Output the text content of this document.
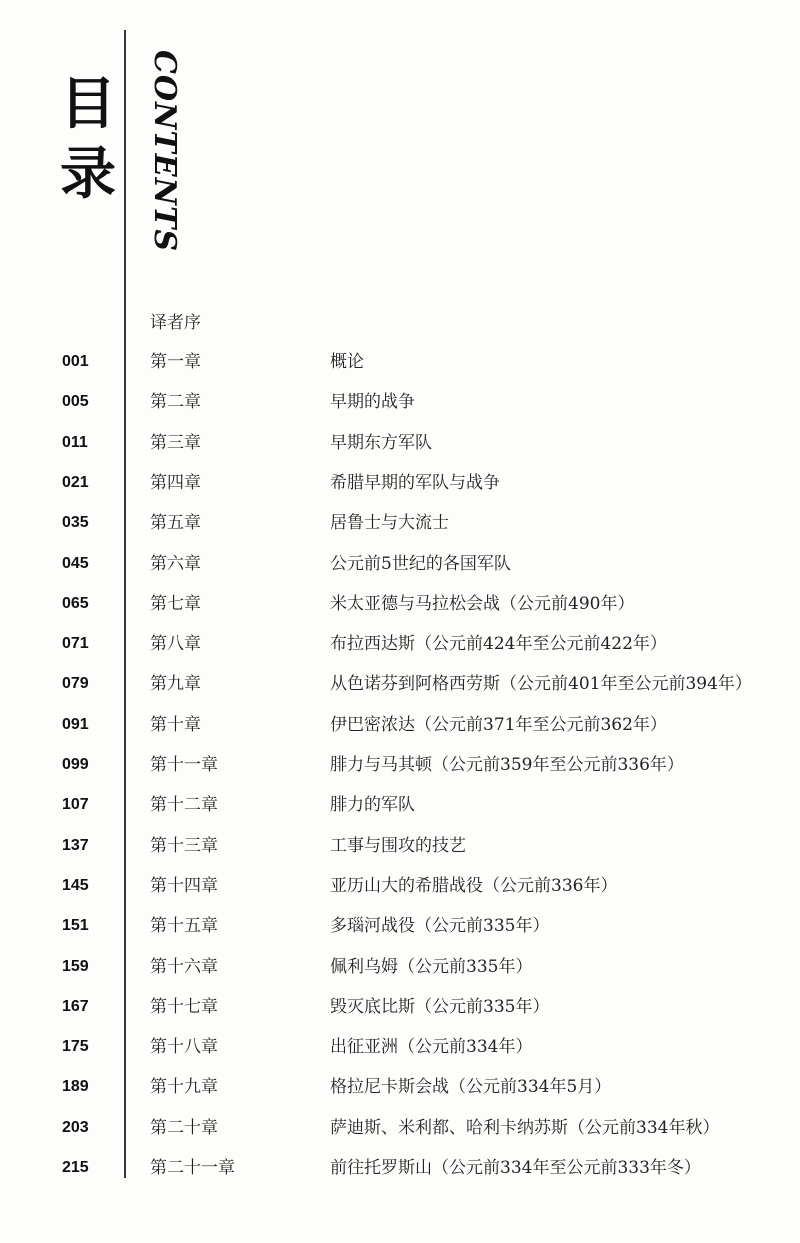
目
录 CONTENTS
译者序
001	第一章	概论
005	第二章	早期的战争
011	第三章	早期东方军队
021	第四章	希腊早期的军队与战争
035	第五章	居鲁士与大流士
045	第六章	公元前5世纪的各国军队
065	第七章	米太亚德与马拉松会战（公元前490年）
071	第八章	布拉西达斯（公元前424年至公元前422年）
079	第九章	从色诺芬到阿格西劳斯（公元前401年至公元前394年）
091	第十章	伊巴密浓达（公元前371年至公元前362年）
099	第十一章	腓力与马其顿（公元前359年至公元前336年）
107	第十二章	腓力的军队
137	第十三章	工事与围攻的技艺
145	第十四章	亚历山大的希腊战役（公元前336年）
151	第十五章	多瑙河战役（公元前335年）
159	第十六章	佩利乌姆（公元前335年）
167	第十七章	毁灭底比斯（公元前335年）
175	第十八章	出征亚洲（公元前334年）
189	第十九章	格拉尼卡斯会战（公元前334年5月）
203	第二十章	萨迪斯、米利都、哈利卡纳苏斯（公元前334年秋）
215	第二十一章	前往托罗斯山（公元前334年至公元前333年冬）
